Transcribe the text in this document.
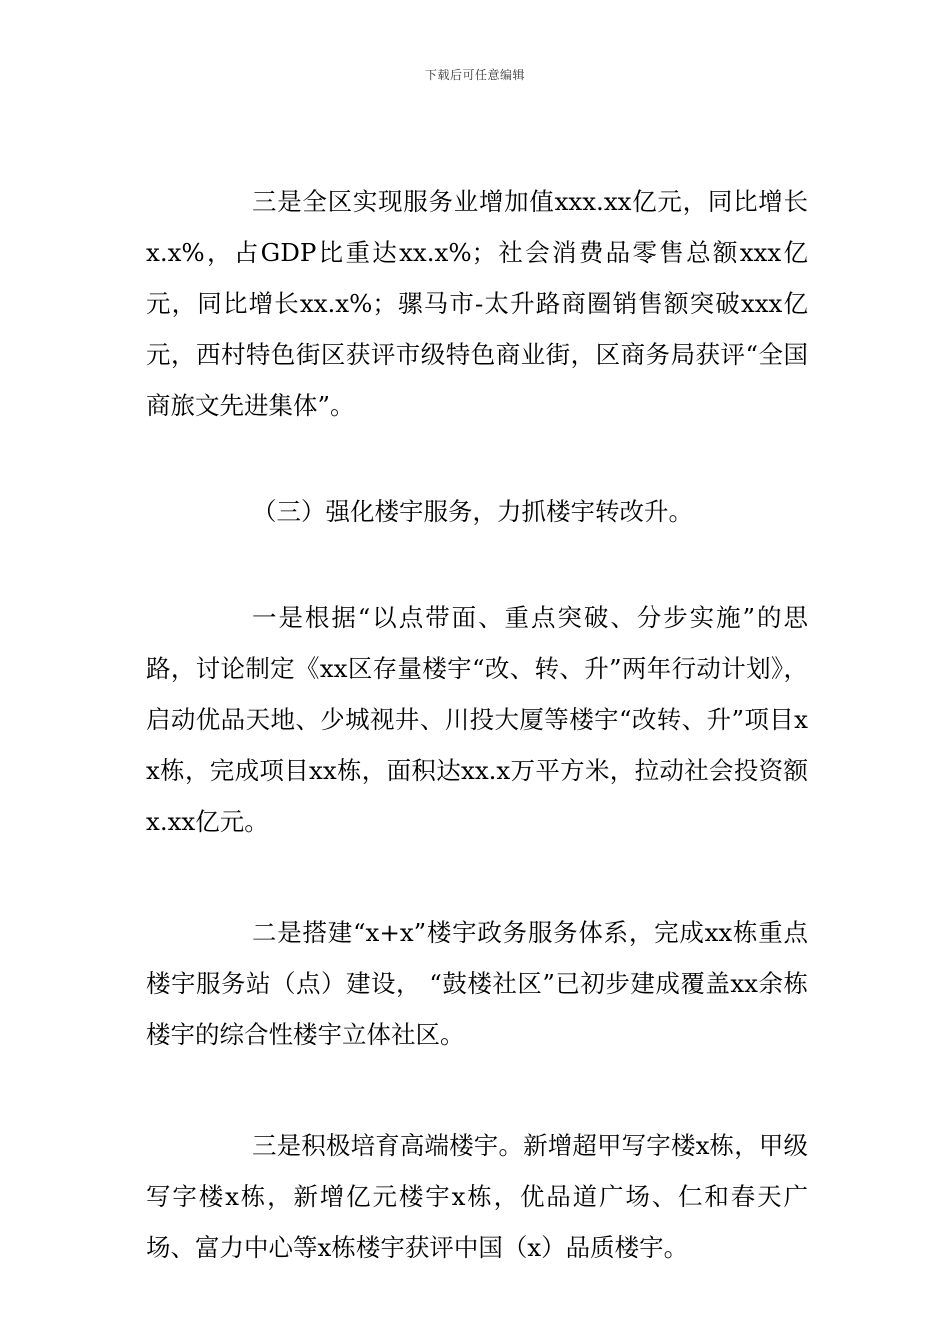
下载后可任意编辑

三是全区实现服务业增加值xxx.xx亿元，同比增长x.x%，占GDP比重达xx.x%；社会消费品零售总额xxx亿元，同比增长xx.x%；骡马市-太升路商圈销售额突破xxx亿元，西村特色街区获评市级特色商业街，区商务局获评“全国商旅文先进集体”。

（三）强化楼宇服务，力抓楼宇转改升。

一是根据“以点带面、重点突破、分步实施”的思路，讨论制定《xx区存量楼宇“改、转、升”两年行动计划》，启动优品天地、少城视井、川投大厦等楼宇“改转、升”项目xx栋，完成项目xx栋，面积达xx.x万平方米，拉动社会投资额x.xx亿元。

二是搭建“x+x”楼宇政务服务体系，完成xx栋重点楼宇服务站（点）建设， “鼓楼社区”已初步建成覆盖xx余栋楼宇的综合性楼宇立体社区。

三是积极培育高端楼宇。新增超甲写字楼x栋，甲级写字楼x栋，新增亿元楼宇x栋，优品道广场、仁和春天广场、富力中心等x栋楼宇获评中国（x）品质楼宇。
